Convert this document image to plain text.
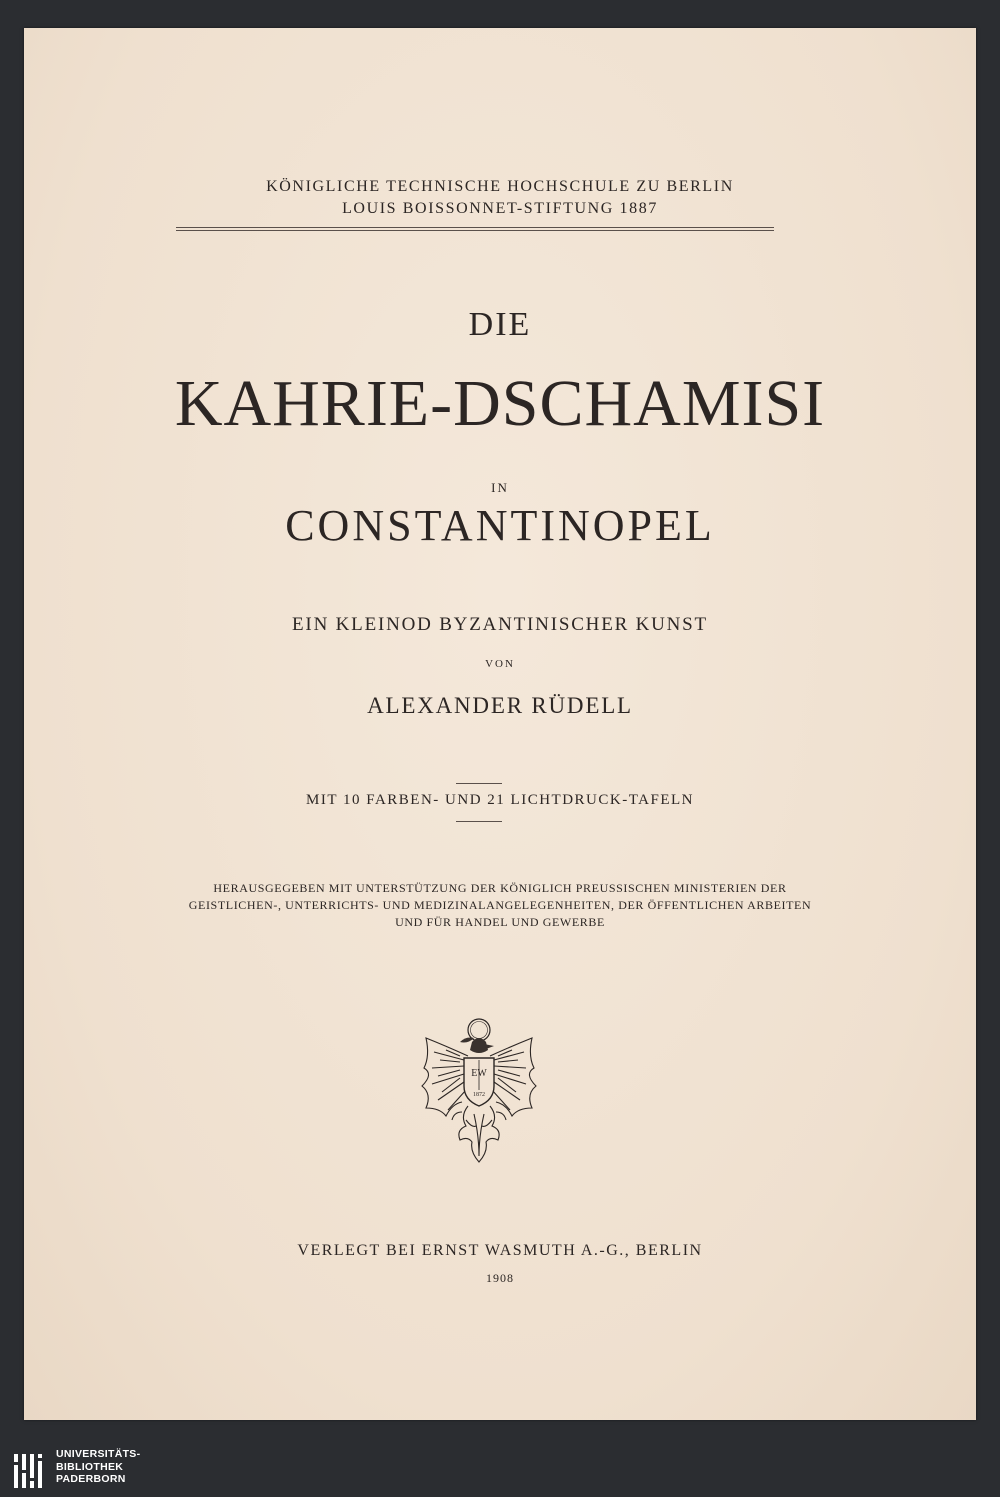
KÖNIGLICHE TECHNISCHE HOCHSCHULE ZU BERLIN
LOUIS BOISSONNET-STIFTUNG 1887
DIE
KAHRIE-DSCHAMISI
IN
CONSTANTINOPEL
EIN KLEINOD BYZANTINISCHER KUNST
VON
ALEXANDER RÜDELL
MIT 10 FARBEN- UND 21 LICHTDRUCK-TAFELN
HERAUSGEGEBEN MIT UNTERSTÜTZUNG DER KÖNIGLICH PREUSSISCHEN MINISTERIEN DER
GEISTLICHEN-, UNTERRICHTS- UND MEDIZINALANGELEGENHEITEN, DER ÖFFENTLICHEN ARBEITEN
UND FÜR HANDEL UND GEWERBE
EW
1872
VERLEGT BEI ERNST WASMUTH A.-G., BERLIN
1908
UNIVERSITÄTS-
BIBLIOTHEK
PADERBORN
